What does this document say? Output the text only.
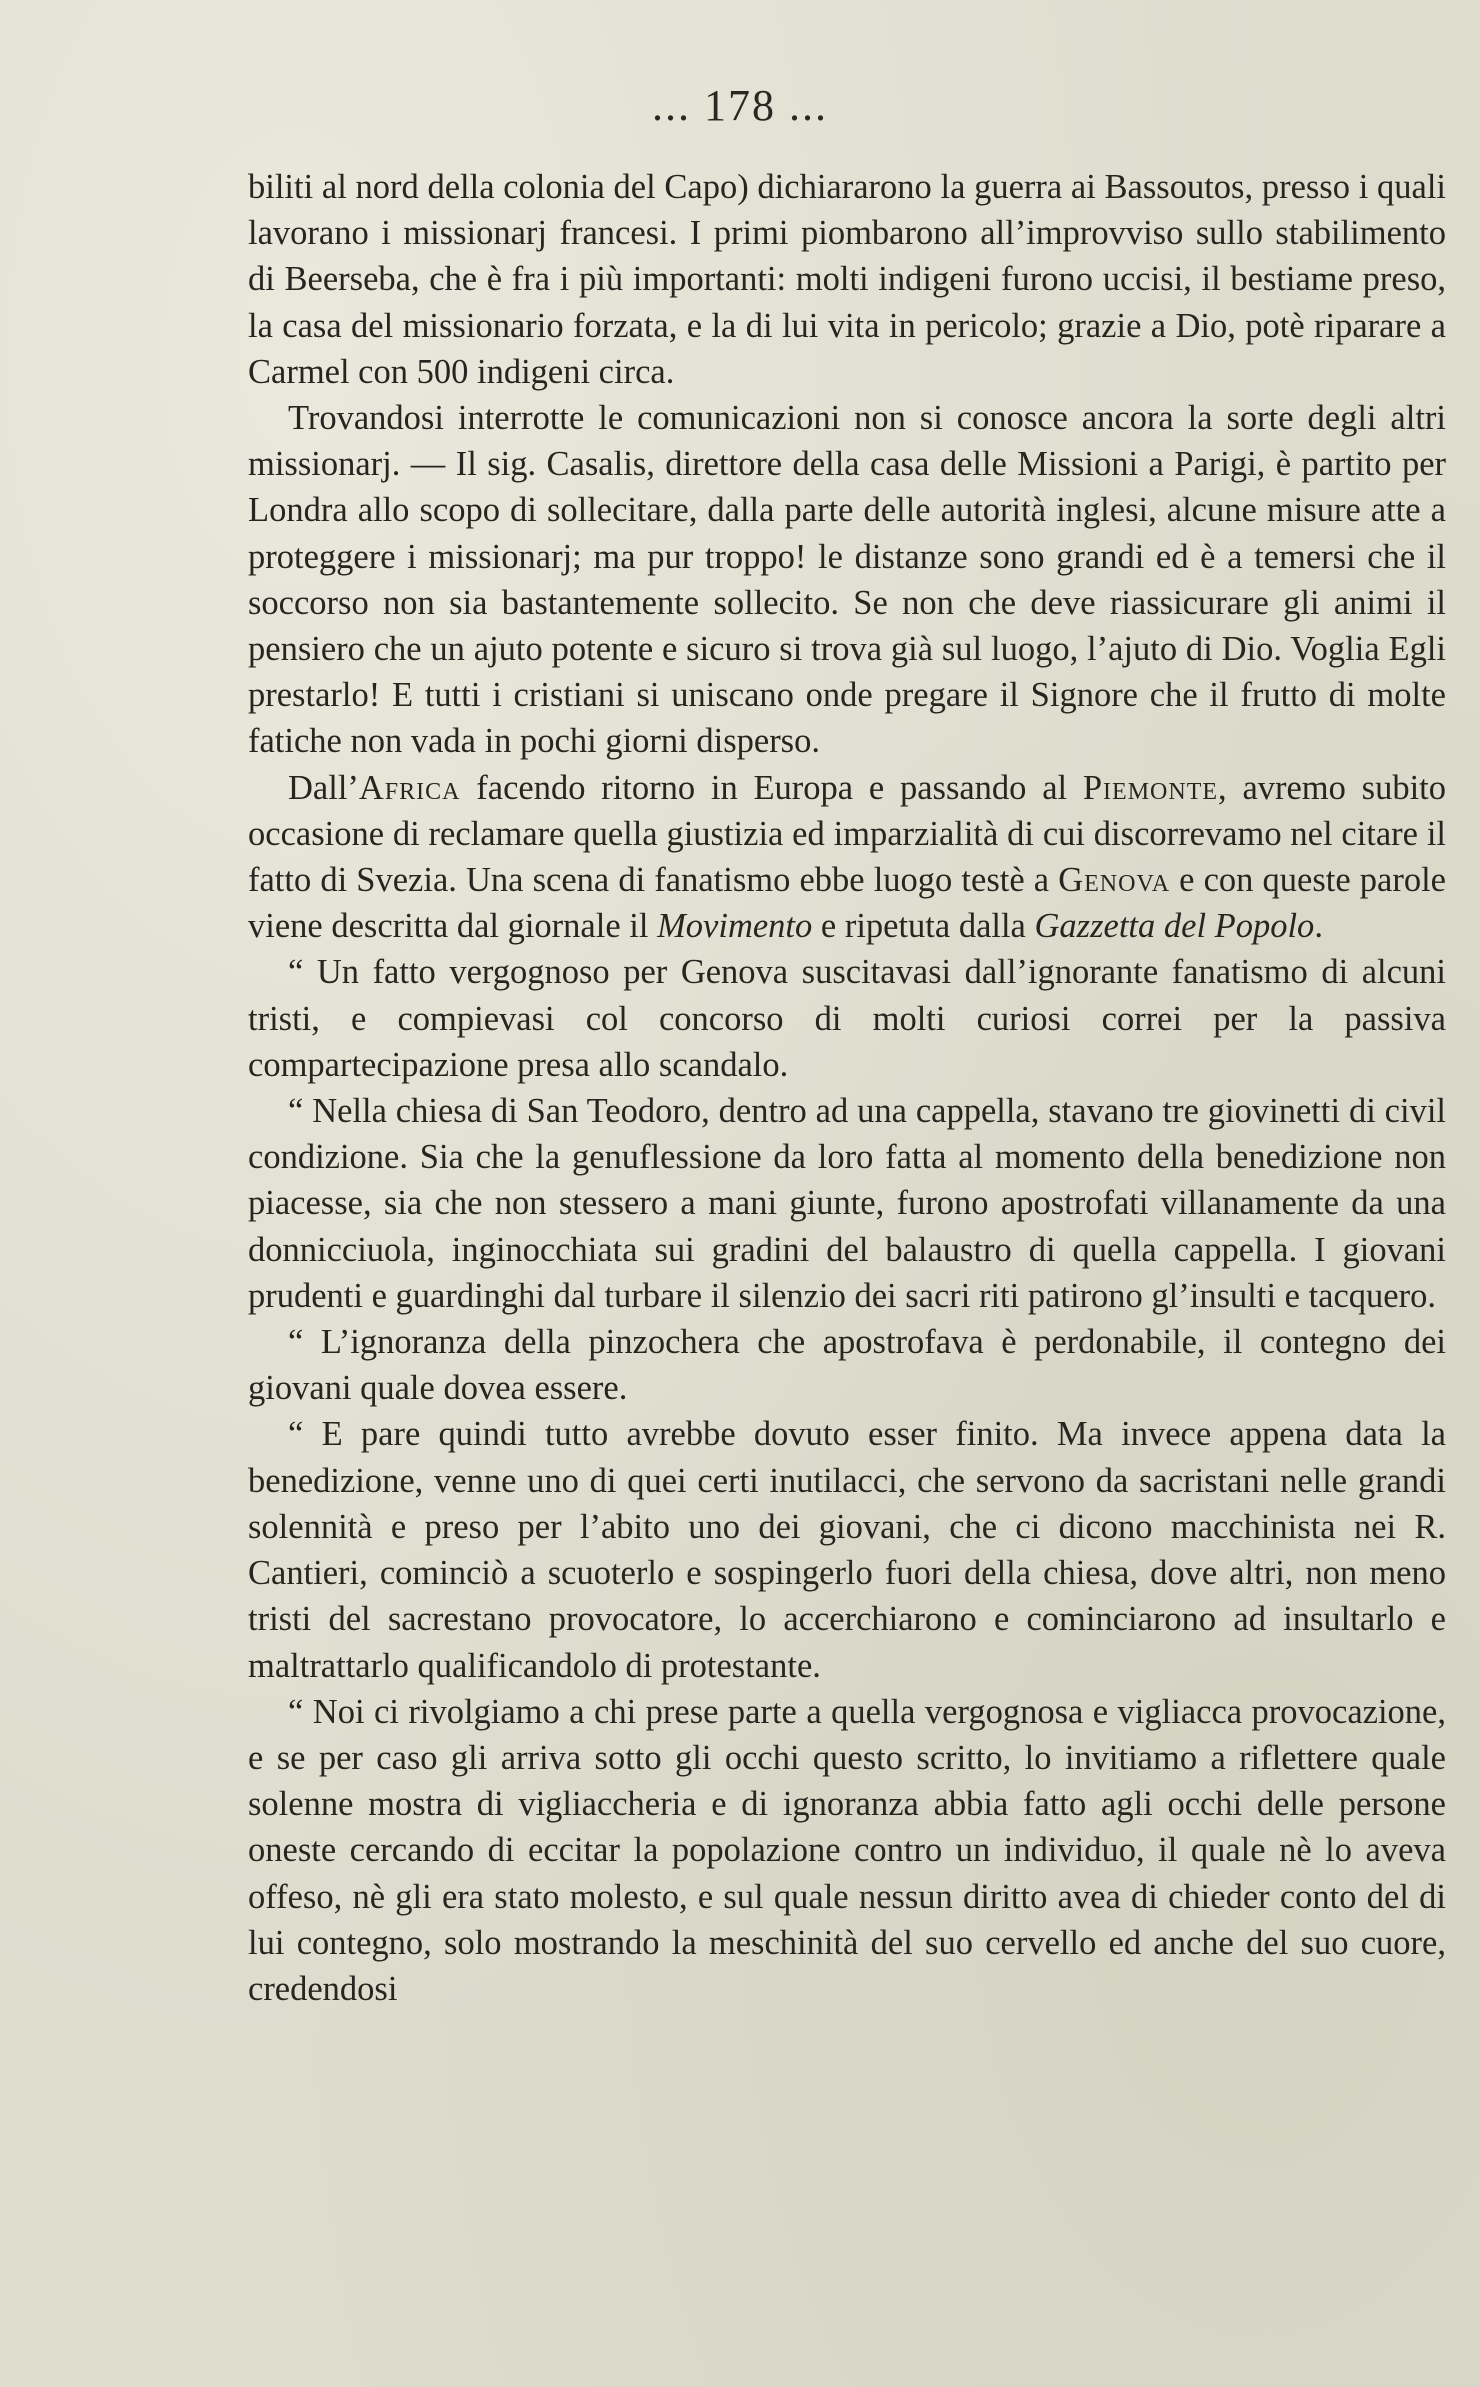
... 178 ...

biliti al nord della colonia del Capo) dichiararono la guerra ai Bassoutos, presso i quali lavorano i missionarj francesi. I primi piombarono all’improvviso sullo stabilimento di Beerseba, che è fra i più importanti: molti indigeni furono uccisi, il bestiame preso, la casa del missionario forzata, e la di lui vita in pericolo; grazie a Dio, potè riparare a Carmel con 500 indigeni circa.

Trovandosi interrotte le comunicazioni non si conosce ancora la sorte degli altri missionarj. — Il sig. Casalis, direttore della casa delle Missioni a Parigi, è partito per Londra allo scopo di sollecitare, dalla parte delle autorità inglesi, alcune misure atte a proteggere i missionarj; ma pur troppo! le distanze sono grandi ed è a temersi che il soccorso non sia bastantemente sollecito. Se non che deve riassicurare gli animi il pensiero che un ajuto potente e sicuro si trova già sul luogo, l’ajuto di Dio. Voglia Egli prestarlo! E tutti i cristiani si uniscano onde pregare il Signore che il frutto di molte fatiche non vada in pochi giorni disperso.

Dall’Africa facendo ritorno in Europa e passando al Piemonte, avremo subito occasione di reclamare quella giustizia ed imparzialità di cui discorrevamo nel citare il fatto di Svezia. Una scena di fanatismo ebbe luogo testè a Genova e con queste parole viene descritta dal giornale il Movimento e ripetuta dalla Gazzetta del Popolo.

“ Un fatto vergognoso per Genova suscitavasi dall’ignorante fanatismo di alcuni tristi, e compievasi col concorso di molti curiosi correi per la passiva compartecipazione presa allo scandalo.

“ Nella chiesa di San Teodoro, dentro ad una cappella, stavano tre giovinetti di civil condizione. Sia che la genuflessione da loro fatta al momento della benedizione non piacesse, sia che non stessero a mani giunte, furono apostrofati villanamente da una donnicciuola, inginocchiata sui gradini del balaustro di quella cappella. I giovani prudenti e guardinghi dal turbare il silenzio dei sacri riti patirono gl’insulti e tacquero.

“ L’ignoranza della pinzochera che apostrofava è perdonabile, il contegno dei giovani quale dovea essere.

“ E pare quindi tutto avrebbe dovuto esser finito. Ma invece appena data la benedizione, venne uno di quei certi inutilacci, che servono da sacristani nelle grandi solennità e preso per l’abito uno dei giovani, che ci dicono macchinista nei R. Cantieri, cominciò a scuoterlo e sospingerlo fuori della chiesa, dove altri, non meno tristi del sacrestano provocatore, lo accerchiarono e cominciarono ad insultarlo e maltrattarlo qualificandolo di protestante.

“ Noi ci rivolgiamo a chi prese parte a quella vergognosa e vigliacca provocazione, e se per caso gli arriva sotto gli occhi questo scritto, lo invitiamo a riflettere quale solenne mostra di vigliaccheria e di ignoranza abbia fatto agli occhi delle persone oneste cercando di eccitar la popolazione contro un individuo, il quale nè lo aveva offeso, nè gli era stato molesto, e sul quale nessun diritto avea di chieder conto del di lui contegno, solo mostrando la meschinità del suo cervello ed anche del suo cuore, credendosi
